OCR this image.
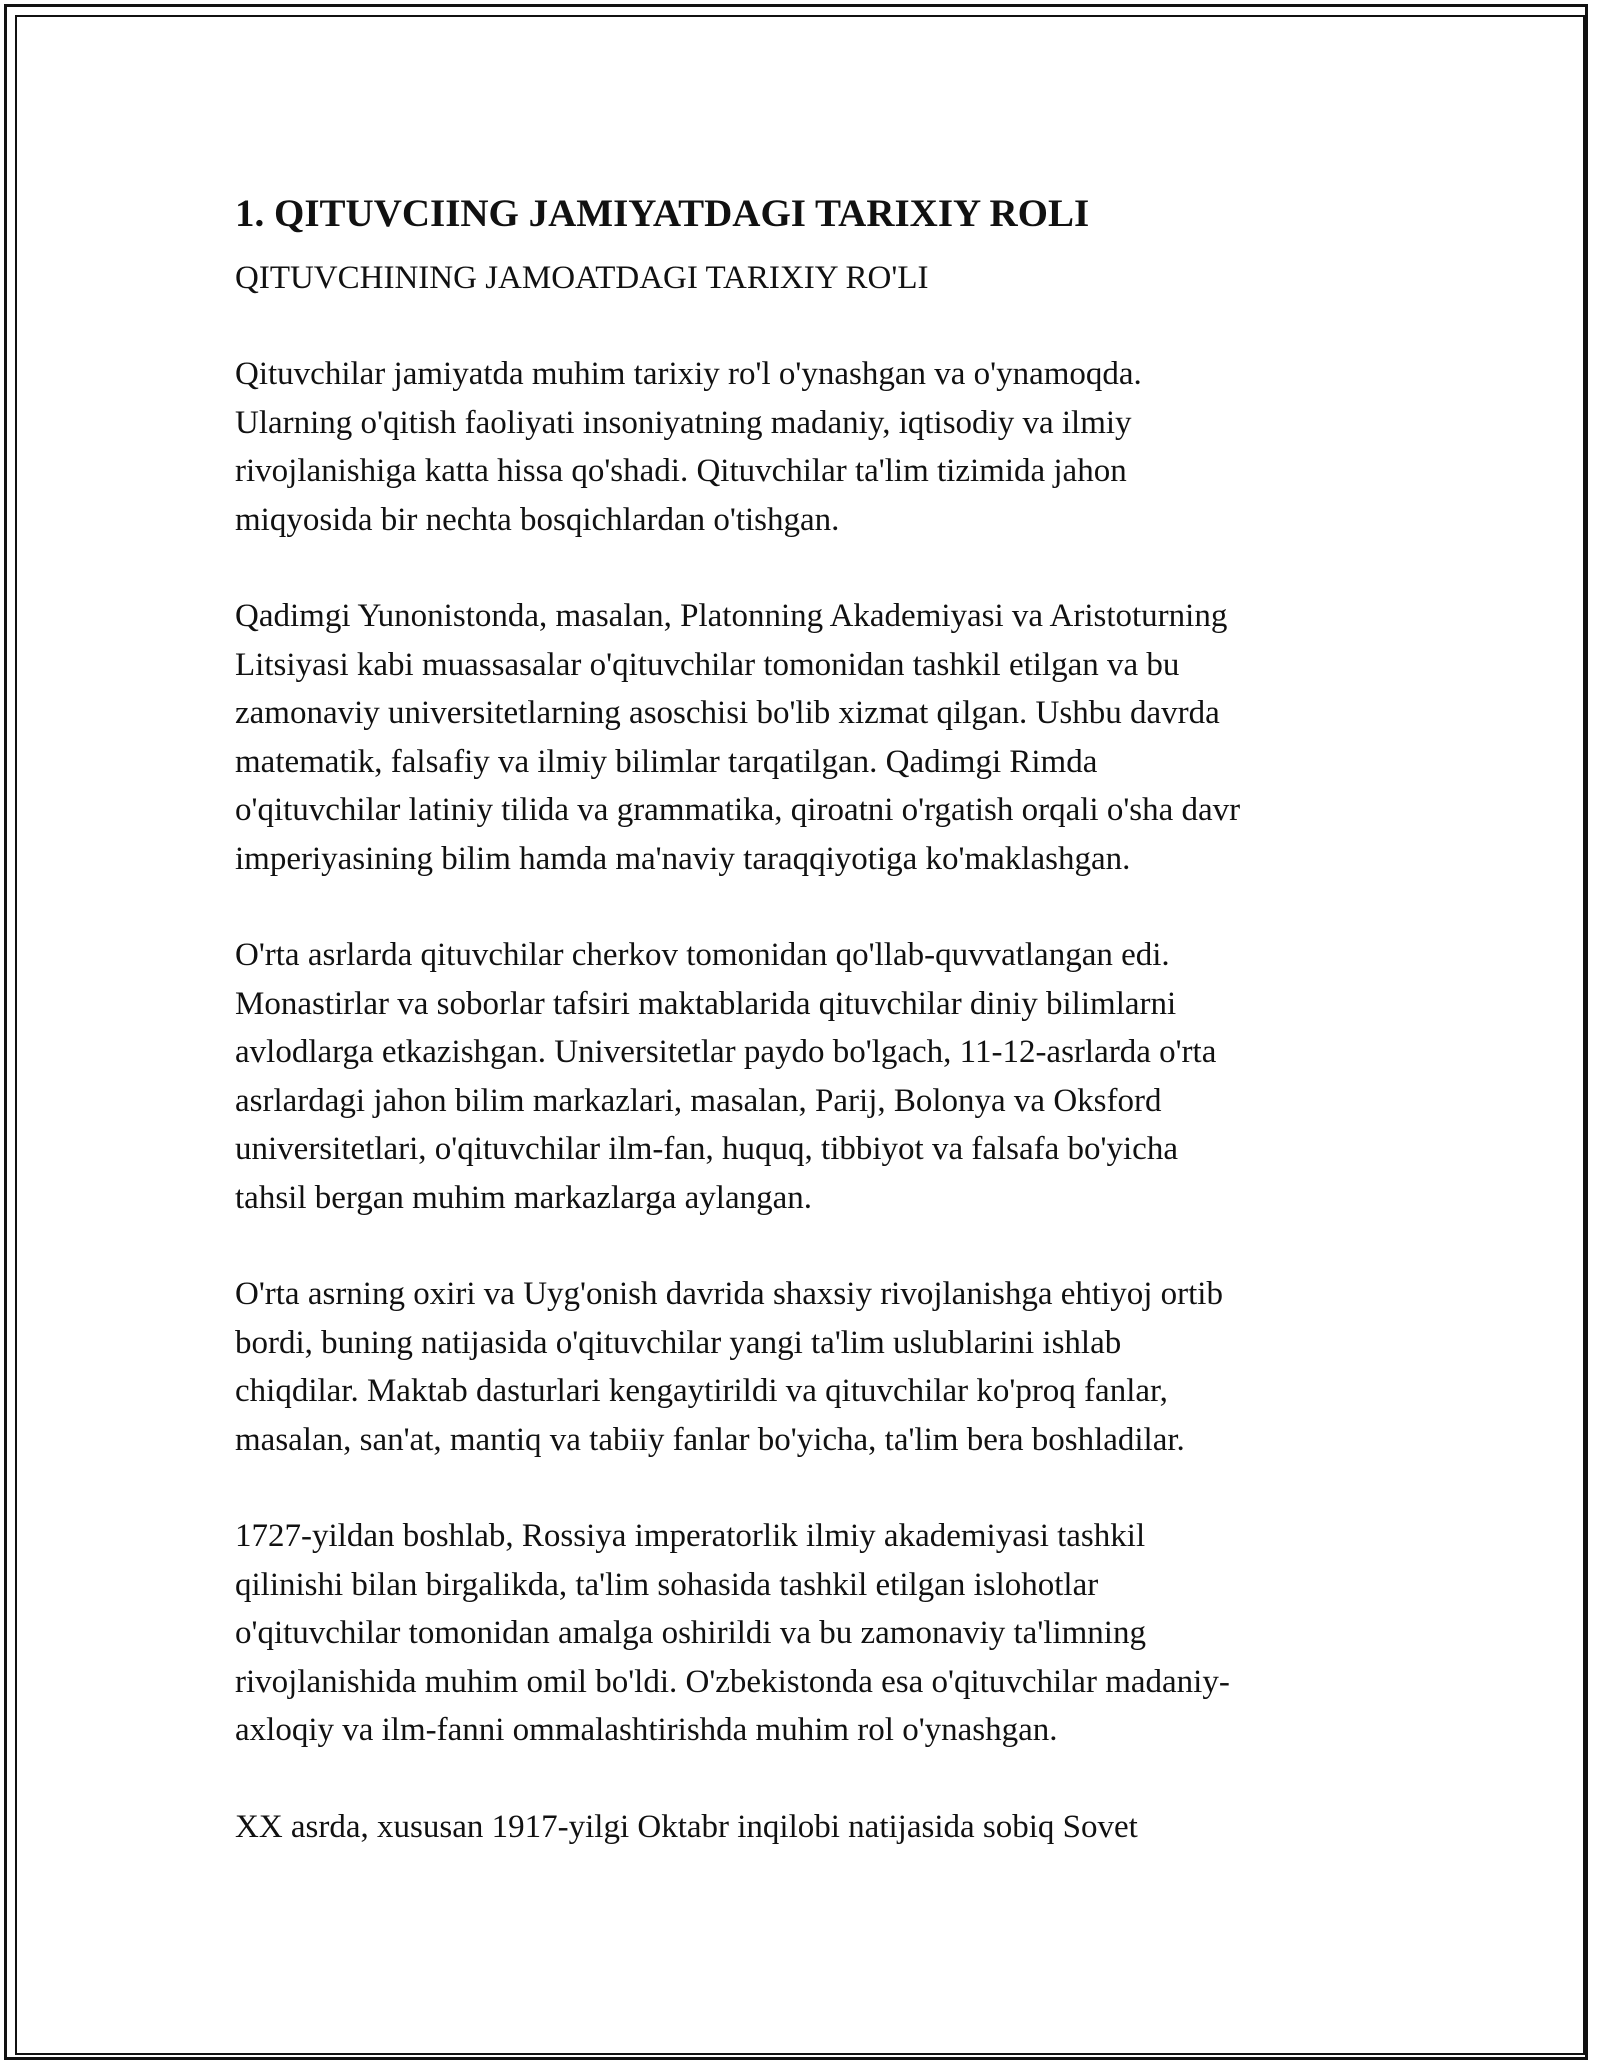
1. QITUVCIING JAMIYATDAGI TARIXIY ROLI

QITUVCHINING JAMOATDAGI TARIXIY RO'LI

Qituvchilar jamiyatda muhim tarixiy ro'l o'ynashgan va o'ynamoqda.
Ularning o'qitish faoliyati insoniyatning madaniy, iqtisodiy va ilmiy
rivojlanishiga katta hissa qo'shadi. Qituvchilar ta'lim tizimida jahon
miqyosida bir nechta bosqichlardan o'tishgan.

Qadimgi Yunonistonda, masalan, Platonning Akademiyasi va Aristoturning
Litsiyasi kabi muassasalar o'qituvchilar tomonidan tashkil etilgan va bu
zamonaviy universitetlarning asoschisi bo'lib xizmat qilgan. Ushbu davrda
matematik, falsafiy va ilmiy bilimlar tarqatilgan. Qadimgi Rimda
o'qituvchilar latiniy tilida va grammatika, qiroatni o'rgatish orqali o'sha davr
imperiyasining bilim hamda ma'naviy taraqqiyotiga ko'maklashgan.

O'rta asrlarda qituvchilar cherkov tomonidan qo'llab-quvvatlangan edi.
Monastirlar va soborlar tafsiri maktablarida qituvchilar diniy bilimlarni
avlodlarga etkazishgan. Universitetlar paydo bo'lgach, 11-12-asrlarda o'rta
asrlardagi jahon bilim markazlari, masalan, Parij, Bolonya va Oksford
universitetlari, o'qituvchilar ilm-fan, huquq, tibbiyot va falsafa bo'yicha
tahsil bergan muhim markazlarga aylangan.

O'rta asrning oxiri va Uyg'onish davrida shaxsiy rivojlanishga ehtiyoj ortib
bordi, buning natijasida o'qituvchilar yangi ta'lim uslublarini ishlab
chiqdilar. Maktab dasturlari kengaytirildi va qituvchilar ko'proq fanlar,
masalan, san'at, mantiq va tabiiy fanlar bo'yicha, ta'lim bera boshladilar.

1727-yildan boshlab, Rossiya imperatorlik ilmiy akademiyasi tashkil
qilinishi bilan birgalikda, ta'lim sohasida tashkil etilgan islohotlar
o'qituvchilar tomonidan amalga oshirildi va bu zamonaviy ta'limning
rivojlanishida muhim omil bo'ldi. O'zbekistonda esa o'qituvchilar madaniy-
axloqiy va ilm-fanni ommalashtirishda muhim rol o'ynashgan.

XX asrda, xususan 1917-yilgi Oktabr inqilobi natijasida sobiq Sovet
